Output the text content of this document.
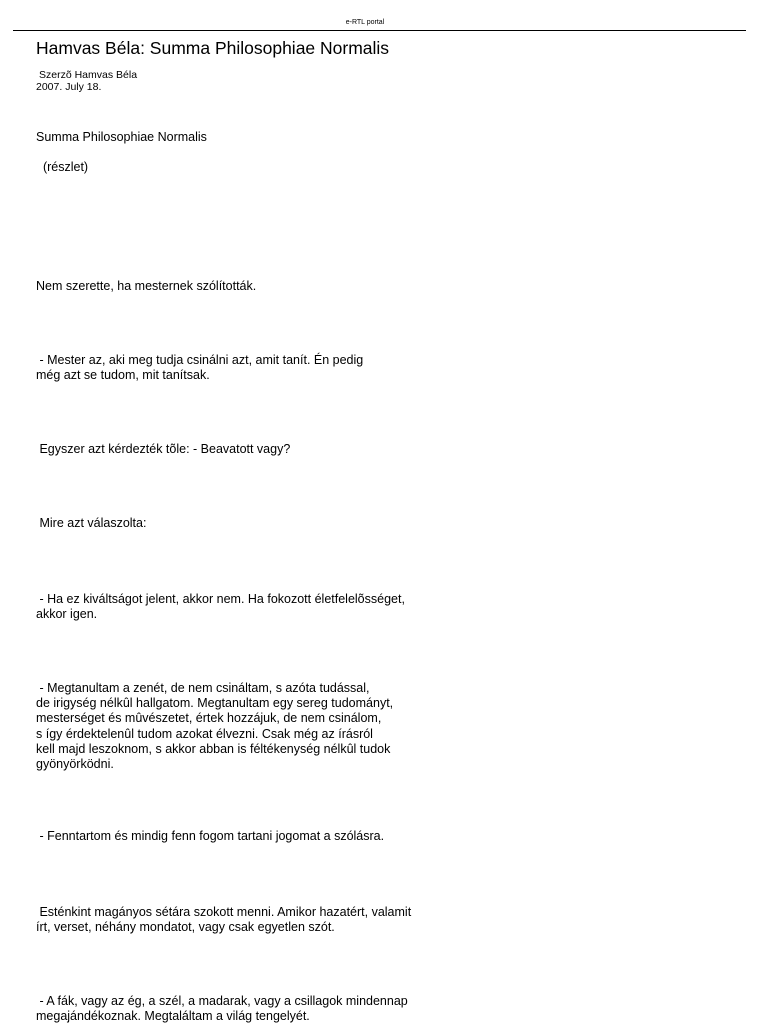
e-RTL portal
Hamvas Béla: Summa Philosophiae Normalis
Szerzõ Hamvas Béla
2007. July 18.

Summa Philosophiae Normalis

(részlet)

Nem szerette, ha mesternek szólították.

- Mester az, aki meg tudja csinálni azt, amit tanít. Én pedig
még azt se tudom, mit tanítsak.

Egyszer azt kérdezték tõle: - Beavatott vagy?

Mire azt válaszolta:

- Ha ez kiváltságot jelent, akkor nem. Ha fokozott életfelelõsséget,
akkor igen.

- Megtanultam a zenét, de nem csináltam, s azóta tudással,
de irigység nélkûl hallgatom. Megtanultam egy sereg tudományt,
mesterséget és mûvészetet, értek hozzájuk, de nem csinálom,
s így érdektelenûl tudom azokat élvezni. Csak még az írásról
kell majd leszoknom, s akkor abban is féltékenység nélkûl tudok
gyönyörködni.

- Fenntartom és mindig fenn fogom tartani jogomat a szólásra.

Esténkint magányos sétára szokott menni. Amikor hazatért, valamit
írt, verset, néhány mondatot, vagy csak egyetlen szót.

- A fák, vagy az ég, a szél, a madarak, vagy a csillagok mindennap
megajándékoznak. Megtaláltam a világ tengelyét.
